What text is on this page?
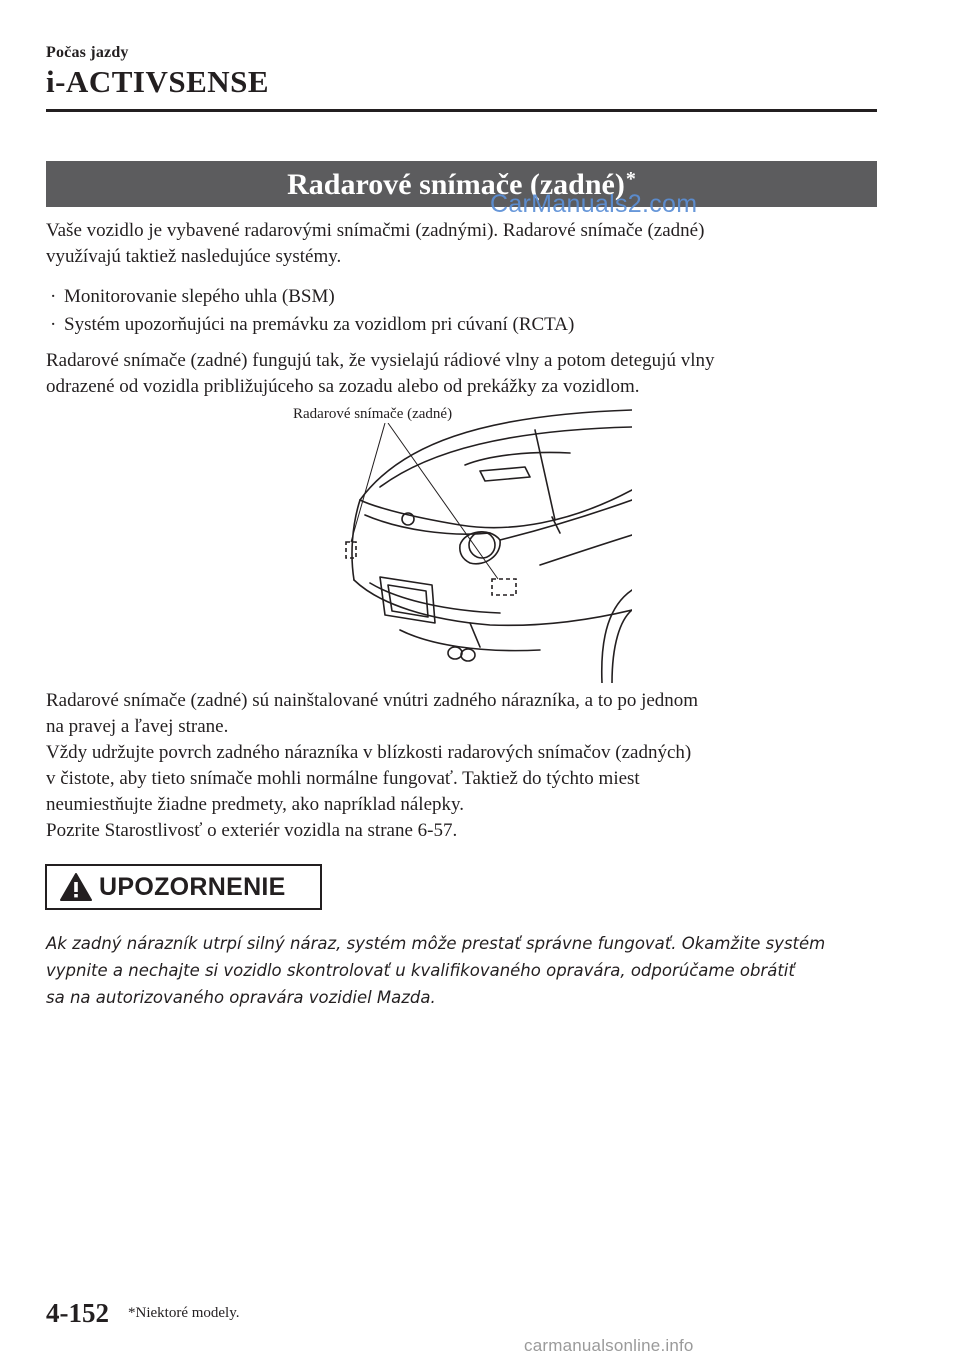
Počas jazdy
i-ACTIVSENSE
Radarové snímače (zadné)*
CarManuals2.com
Vaše vozidlo je vybavené radarovými snímačmi (zadnými). Radarové snímače (zadné)
využívajú taktiež nasledujúce systémy.
· Monitorovanie slepého uhla (BSM)
· Systém upozorňujúci na premávku za vozidlom pri cúvaní (RCTA)
Radarové snímače (zadné) fungujú tak, že vysielajú rádiové vlny a potom detegujú vlny
odrazené od vozidla približujúceho sa zozadu alebo od prekážky za vozidlom.
Radarové snímače (zadné)
Radarové snímače (zadné) sú nainštalované vnútri zadného nárazníka, a to po jednom
na pravej a ľavej strane.
Vždy udržujte povrch zadného nárazníka v blízkosti radarových snímačov (zadných)
v čistote, aby tieto snímače mohli normálne fungovať. Taktiež do týchto miest
neumiestňujte žiadne predmety, ako napríklad nálepky.
Pozrite Starostlivosť o exteriér vozidla na strane 6-57.
UPOZORNENIE
Ak zadný nárazník utrpí silný náraz, systém môže prestať správne fungovať. Okamžite systém
vypnite a nechajte si vozidlo skontrolovať u kvalifikovaného opravára, odporúčame obrátiť
sa na autorizovaného opravára vozidiel Mazda.
4-152 *Niektoré modely.
carmanualsonline.info
